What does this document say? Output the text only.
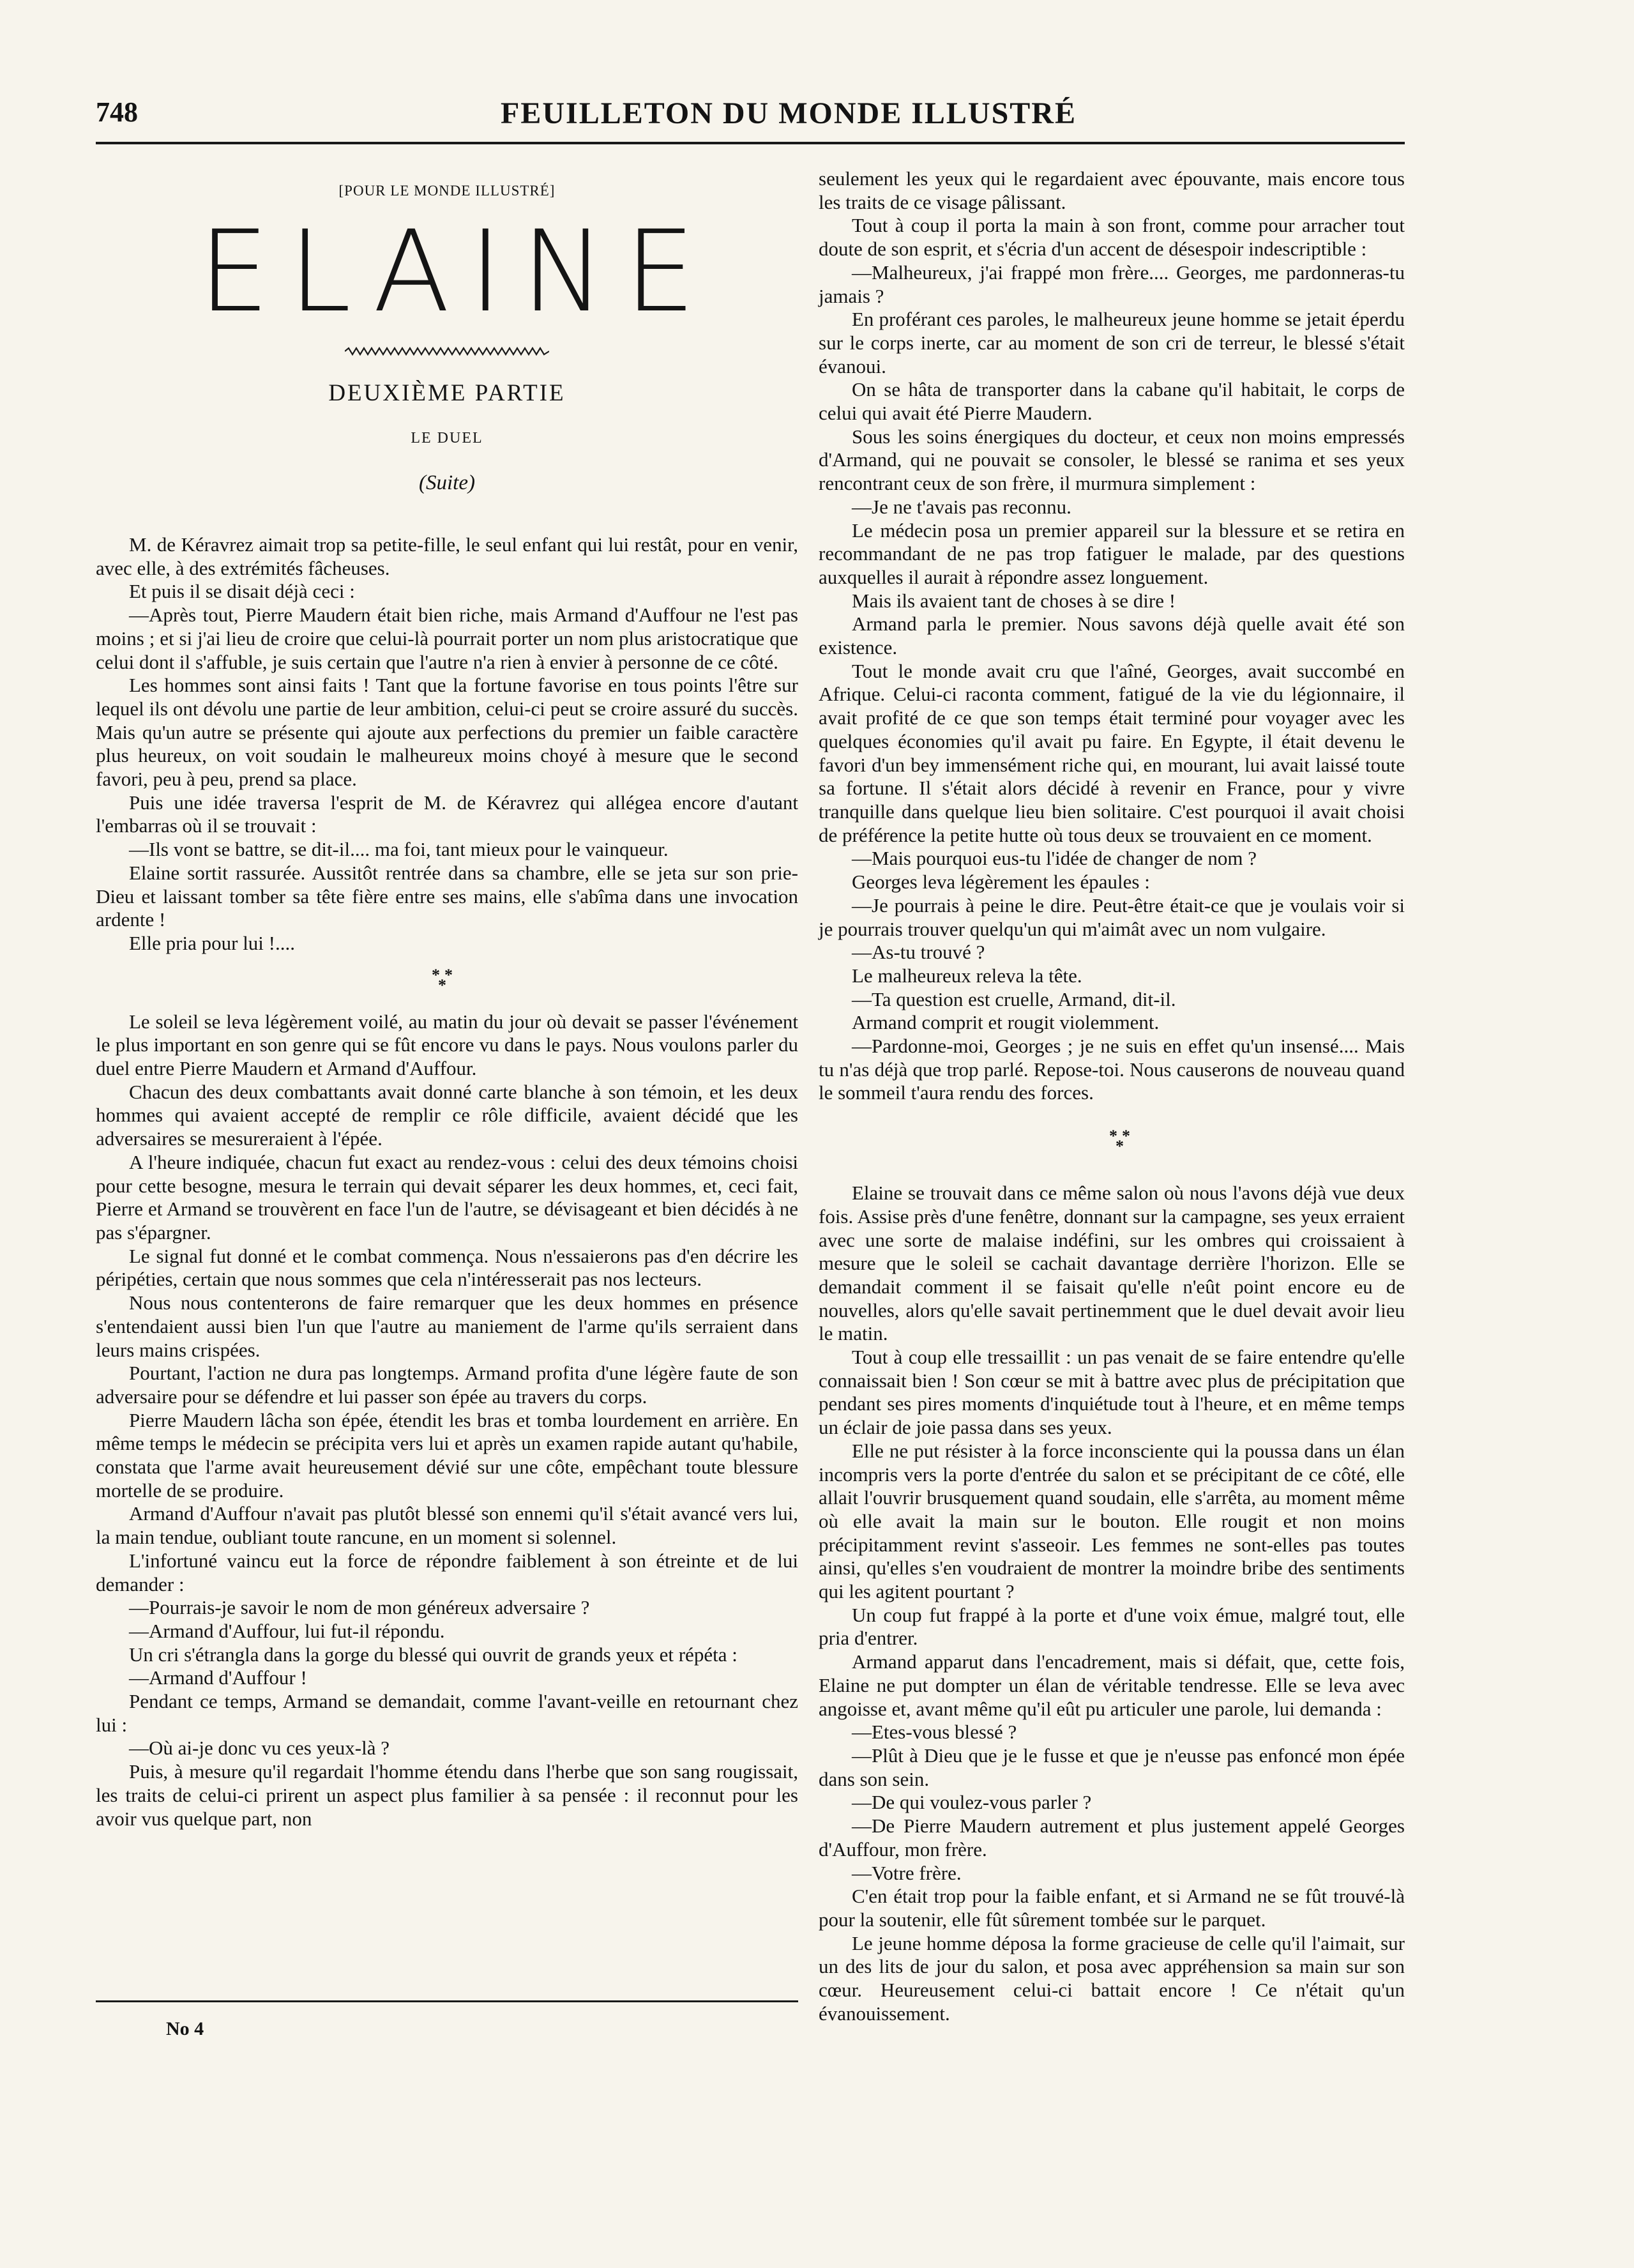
748	FEUILLETON DU MONDE ILLUSTRÉ
[POUR LE MONDE ILLUSTRÉ]
ELAINE
DEUXIÈME PARTIE
LE DUEL
(Suite)

M. de Kéravrez aimait trop sa petite-fille, le seul enfant qui lui restât, pour en venir, avec elle, à des extrémités fâcheuses.

Et puis il se disait déjà ceci :

—Après tout, Pierre Maudern était bien riche, mais Armand d'Auffour ne l'est pas moins ; et si j'ai lieu de croire que celui-là pourrait porter un nom plus aristocratique que celui dont il s'affuble, je suis certain que l'autre n'a rien à envier à personne de ce côté.

Les hommes sont ainsi faits ! Tant que la fortune favorise en tous points l'être sur lequel ils ont dévolu une partie de leur ambition, celui-ci peut se croire assuré du succès. Mais qu'un autre se présente qui ajoute aux perfections du premier un faible caractère plus heureux, on voit soudain le malheureux moins choyé à mesure que le second favori, peu à peu, prend sa place.

Puis une idée traversa l'esprit de M. de Kéravrez qui allégea encore d'autant l'embarras où il se trouvait :

—Ils vont se battre, se dit-il.... ma foi, tant mieux pour le vainqueur.

Elaine sortit rassurée. Aussitôt rentrée dans sa chambre, elle se jeta sur son prie-Dieu et laissant tomber sa tête fière entre ses mains, elle s'abîma dans une invocation ardente !

Elle pria pour lui !....

* *
*

Le soleil se leva légèrement voilé, au matin du jour où devait se passer l'événement le plus important en son genre qui se fût encore vu dans le pays. Nous voulons parler du duel entre Pierre Maudern et Armand d'Auffour.

Chacun des deux combattants avait donné carte blanche à son témoin, et les deux hommes qui avaient accepté de remplir ce rôle difficile, avaient décidé que les adversaires se mesureraient à l'épée.

A l'heure indiquée, chacun fut exact au rendez-vous : celui des deux témoins choisi pour cette besogne, mesura le terrain qui devait séparer les deux hommes, et, ceci fait, Pierre et Armand se trouvèrent en face l'un de l'autre, se dévisageant et bien décidés à ne pas s'épargner.

Le signal fut donné et le combat commença. Nous n'essaierons pas d'en décrire les péripéties, certain que nous sommes que cela n'intéresserait pas nos lecteurs.

Nous nous contenterons de faire remarquer que les deux hommes en présence s'entendaient aussi bien l'un que l'autre au maniement de l'arme qu'ils serraient dans leurs mains crispées.

Pourtant, l'action ne dura pas longtemps. Armand profita d'une légère faute de son adversaire pour se défendre et lui passer son épée au travers du corps.

Pierre Maudern lâcha son épée, étendit les bras et tomba lourdement en arrière. En même temps le médecin se précipita vers lui et après un examen rapide autant qu'habile, constata que l'arme avait heureusement dévié sur une côte, empêchant toute blessure mortelle de se produire.

Armand d'Auffour n'avait pas plutôt blessé son ennemi qu'il s'était avancé vers lui, la main tendue, oubliant toute rancune, en un moment si solennel.

L'infortuné vaincu eut la force de répondre faiblement à son étreinte et de lui demander :

—Pourrais-je savoir le nom de mon généreux adversaire ?

—Armand d'Auffour, lui fut-il répondu.

Un cri s'étrangla dans la gorge du blessé qui ouvrit de grands yeux et répéta :

—Armand d'Auffour !

Pendant ce temps, Armand se demandait, comme l'avant-veille en retournant chez lui :

—Où ai-je donc vu ces yeux-là ?

Puis, à mesure qu'il regardait l'homme étendu dans l'herbe que son sang rougissait, les traits de celui-ci prirent un aspect plus familier à sa pensée : il reconnut pour les avoir vus quelque part, non

No 4

seulement les yeux qui le regardaient avec épouvante, mais encore tous les traits de ce visage pâlissant.

Tout à coup il porta la main à son front, comme pour arracher tout doute de son esprit, et s'écria d'un accent de désespoir indescriptible :

—Malheureux, j'ai frappé mon frère.... Georges, me pardonneras-tu jamais ?

En proférant ces paroles, le malheureux jeune homme se jetait éperdu sur le corps inerte, car au moment de son cri de terreur, le blessé s'était évanoui.

On se hâta de transporter dans la cabane qu'il habitait, le corps de celui qui avait été Pierre Maudern.

Sous les soins énergiques du docteur, et ceux non moins empressés d'Armand, qui ne pouvait se consoler, le blessé se ranima et ses yeux rencontrant ceux de son frère, il murmura simplement :

—Je ne t'avais pas reconnu.

Le médecin posa un premier appareil sur la blessure et se retira en recommandant de ne pas trop fatiguer le malade, par des questions auxquelles il aurait à répondre assez longuement.

Mais ils avaient tant de choses à se dire !

Armand parla le premier. Nous savons déjà quelle avait été son existence.

Tout le monde avait cru que l'aîné, Georges, avait succombé en Afrique. Celui-ci raconta comment, fatigué de la vie du légionnaire, il avait profité de ce que son temps était terminé pour voyager avec les quelques économies qu'il avait pu faire. En Egypte, il était devenu le favori d'un bey immensément riche qui, en mourant, lui avait laissé toute sa fortune. Il s'était alors décidé à revenir en France, pour y vivre tranquille dans quelque lieu bien solitaire. C'est pourquoi il avait choisi de préférence la petite hutte où tous deux se trouvaient en ce moment.

—Mais pourquoi eus-tu l'idée de changer de nom ?

Georges leva légèrement les épaules :

—Je pourrais à peine le dire. Peut-être était-ce que je voulais voir si je pourrais trouver quelqu'un qui m'aimât avec un nom vulgaire.

—As-tu trouvé ?

Le malheureux releva la tête.

—Ta question est cruelle, Armand, dit-il.

Armand comprit et rougit violemment.

—Pardonne-moi, Georges ; je ne suis en effet qu'un insensé.... Mais tu n'as déjà que trop parlé. Repose-toi. Nous causerons de nouveau quand le sommeil t'aura rendu des forces.

* *
*

Elaine se trouvait dans ce même salon où nous l'avons déjà vue deux fois. Assise près d'une fenêtre, donnant sur la campagne, ses yeux erraient avec une sorte de malaise indéfini, sur les ombres qui croissaient à mesure que le soleil se cachait davantage derrière l'horizon. Elle se demandait comment il se faisait qu'elle n'eût point encore eu de nouvelles, alors qu'elle savait pertinemment que le duel devait avoir lieu le matin.

Tout à coup elle tressaillit : un pas venait de se faire entendre qu'elle connaissait bien ! Son cœur se mit à battre avec plus de précipitation que pendant ses pires moments d'inquiétude tout à l'heure, et en même temps un éclair de joie passa dans ses yeux.

Elle ne put résister à la force inconsciente qui la poussa dans un élan incompris vers la porte d'entrée du salon et se précipitant de ce côté, elle allait l'ouvrir brusquement quand soudain, elle s'arrêta, au moment même où elle avait la main sur le bouton. Elle rougit et non moins précipitamment revint s'asseoir. Les femmes ne sont-elles pas toutes ainsi, qu'elles s'en voudraient de montrer la moindre bribe des sentiments qui les agitent pourtant ?

Un coup fut frappé à la porte et d'une voix émue, malgré tout, elle pria d'entrer.

Armand apparut dans l'encadrement, mais si défait, que, cette fois, Elaine ne put dompter un élan de véritable tendresse. Elle se leva avec angoisse et, avant même qu'il eût pu articuler une parole, lui demanda :

—Etes-vous blessé ?

—Plût à Dieu que je le fusse et que je n'eusse pas enfoncé mon épée dans son sein.

—De qui voulez-vous parler ?

—De Pierre Maudern autrement et plus justement appelé Georges d'Auffour, mon frère.

—Votre frère.

C'en était trop pour la faible enfant, et si Armand ne se fût trouvé-là pour la soutenir, elle fût sûrement tombée sur le parquet.

Le jeune homme déposa la forme gracieuse de celle qu'il l'aimait, sur un des lits de jour du salon, et posa avec appréhension sa main sur son cœur. Heureusement celui-ci battait encore ! Ce n'était qu'un évanouissement.
